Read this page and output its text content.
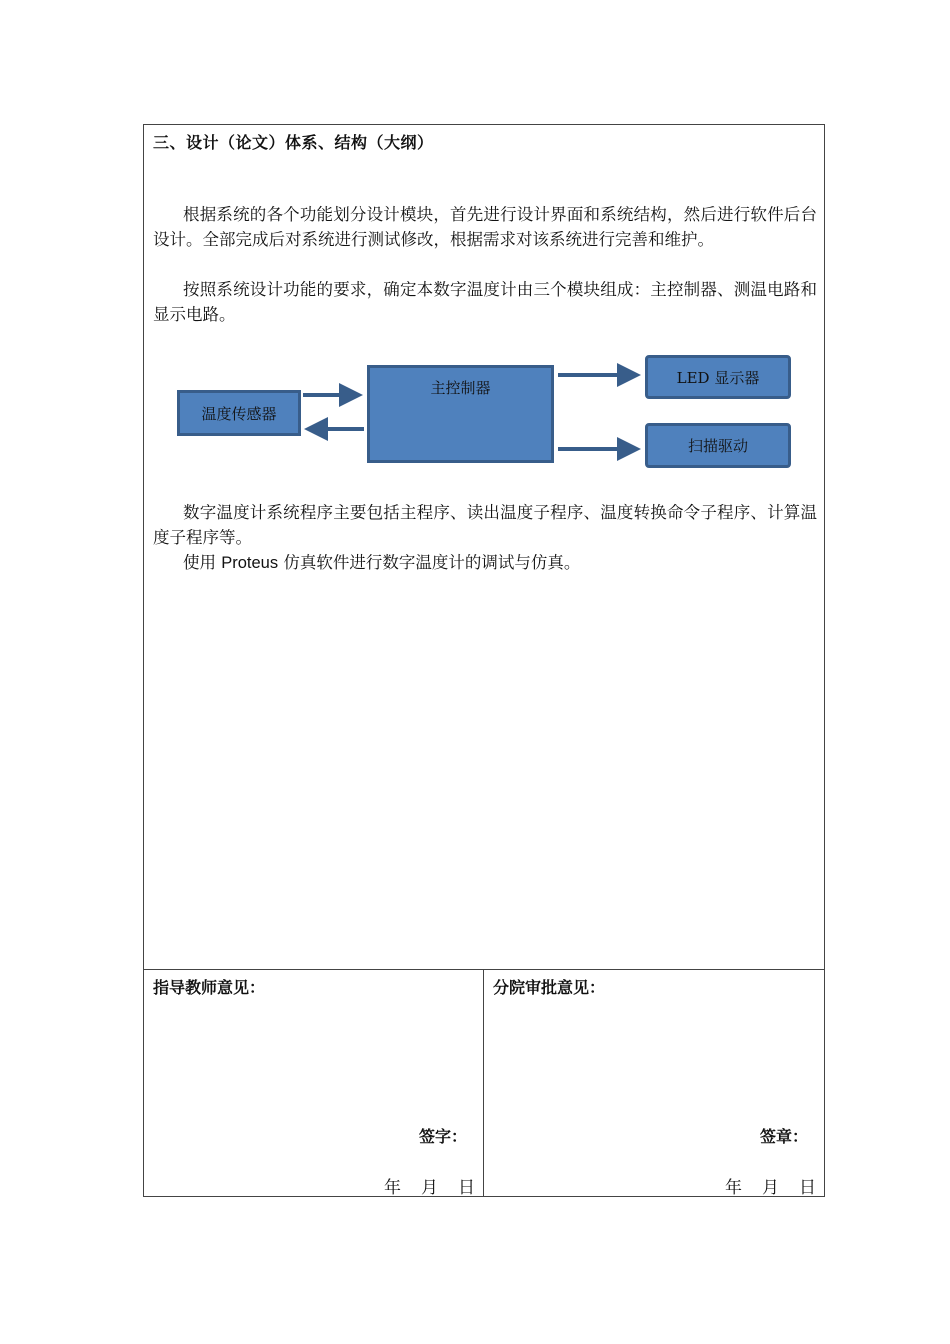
三、设计（论文）体系、结构（大纲）

根据系统的各个功能划分设计模块，首先进行设计界面和系统结构，然后进行软件后台设计。全部完成后对系统进行测试修改，根据需求对该系统进行完善和维护。

按照系统设计功能的要求，确定本数字温度计由三个模块组成：主控制器、测温电路和显示电路。

温度传感器
主控制器
LED 显示器
扫描驱动

数字温度计系统程序主要包括主程序、读出温度子程序、温度转换命令子程序、计算温度子程序等。

使用 Proteus 仿真软件进行数字温度计的调试与仿真。

指导教师意见：
签字：
年 月 日
分院审批意见：
签章：
年 月 日
